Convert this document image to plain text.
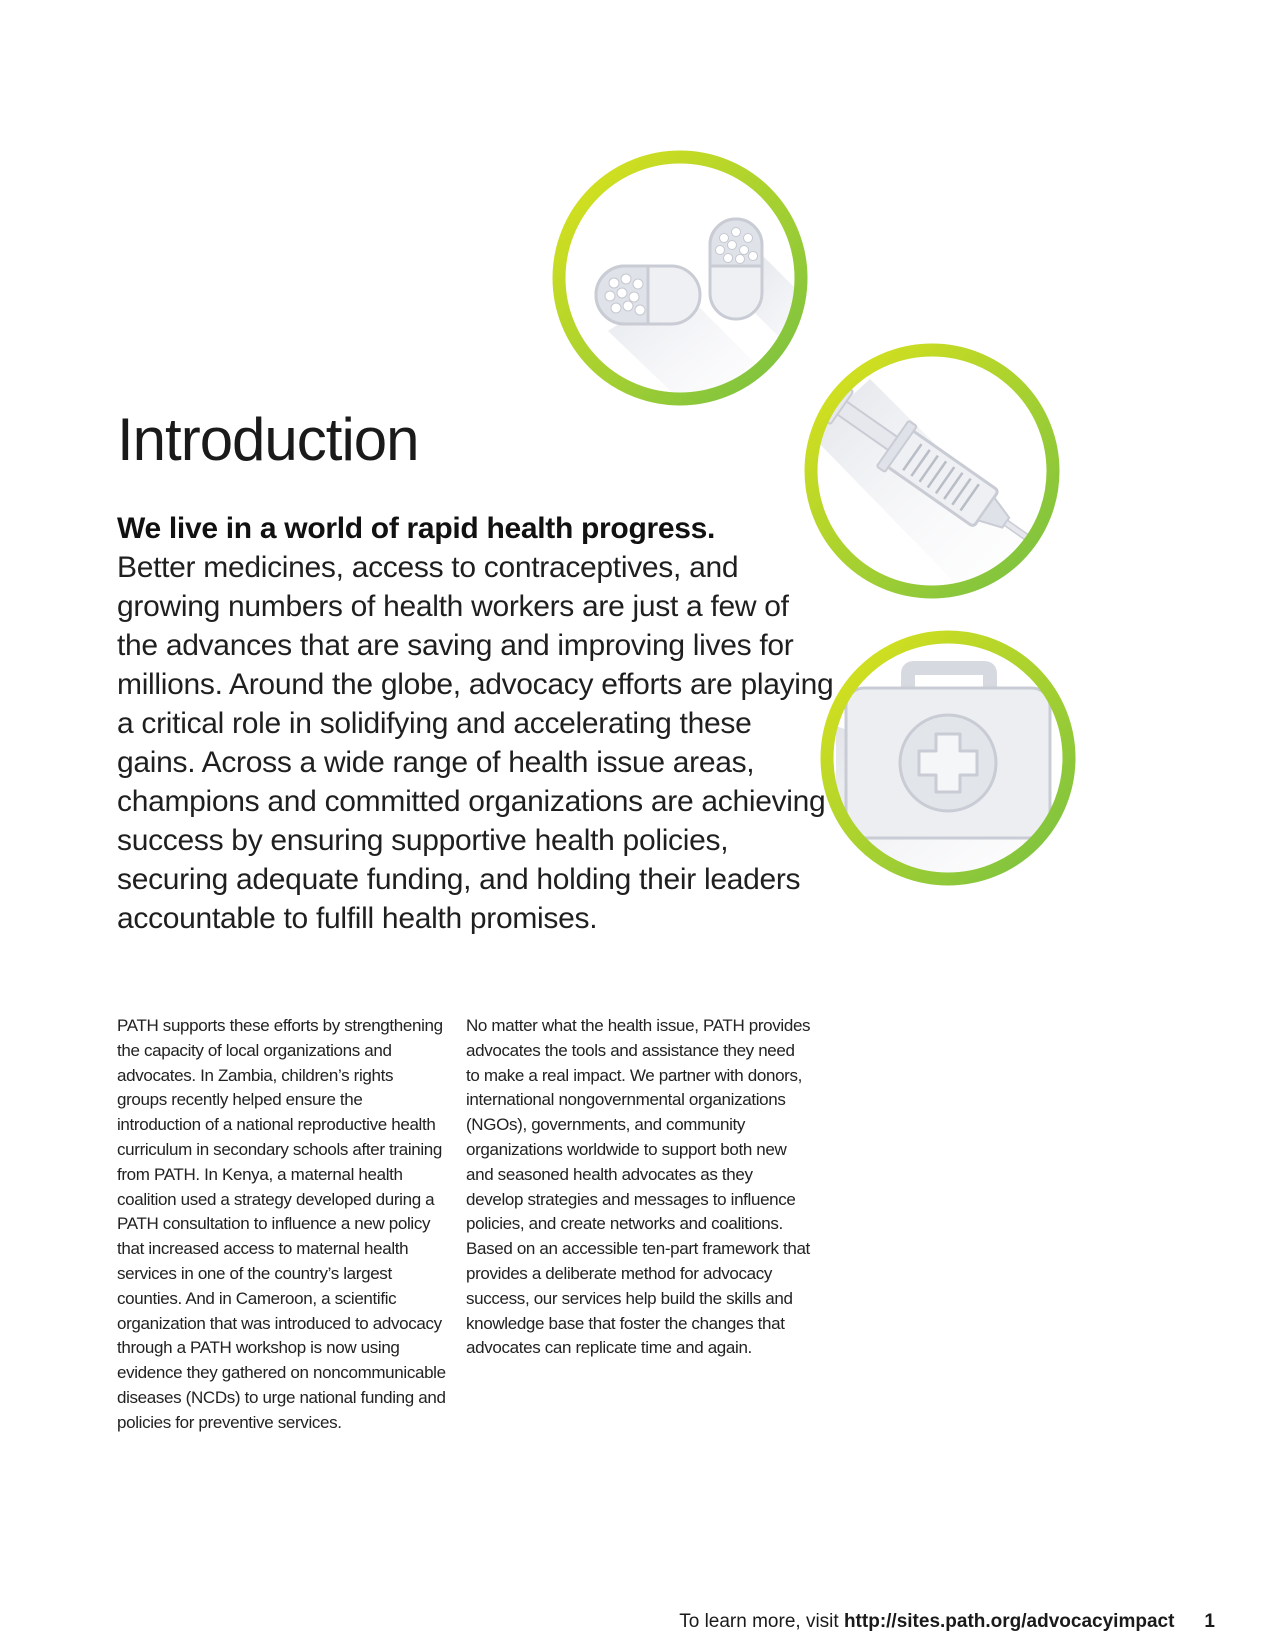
Introduction

We live in a world of rapid health progress.
Better medicines, access to contraceptives, and growing numbers of health workers are just a few of the advances that are saving and improving lives for millions. Around the globe, advocacy efforts are playing a critical role in solidifying and accelerating these gains. Across a wide range of health issue areas, champions and committed organizations are achieving success by ensuring supportive health policies, securing adequate funding, and holding their leaders accountable to fulfill health promises.

PATH supports these efforts by strengthening the capacity of local organizations and advocates. In Zambia, children’s rights groups recently helped ensure the introduction of a national reproductive health curriculum in secondary schools after training from PATH. In Kenya, a maternal health coalition used a strategy developed during a PATH consultation to influence a new policy that increased access to maternal health services in one of the country’s largest counties. And in Cameroon, a scientific organization that was introduced to advocacy through a PATH workshop is now using evidence they gathered on noncommunicable diseases (NCDs) to urge national funding and policies for preventive services.

No matter what the health issue, PATH provides advocates the tools and assistance they need to make a real impact. We partner with donors, international nongovernmental organizations (NGOs), governments, and community organizations worldwide to support both new and seasoned health advocates as they develop strategies and messages to influence policies, and create networks and coalitions. Based on an accessible ten-part framework that provides a deliberate method for advocacy success, our services help build the skills and knowledge base that foster the changes that advocates can replicate time and again.

To learn more, visit http://sites.path.org/advocacyimpact 1
